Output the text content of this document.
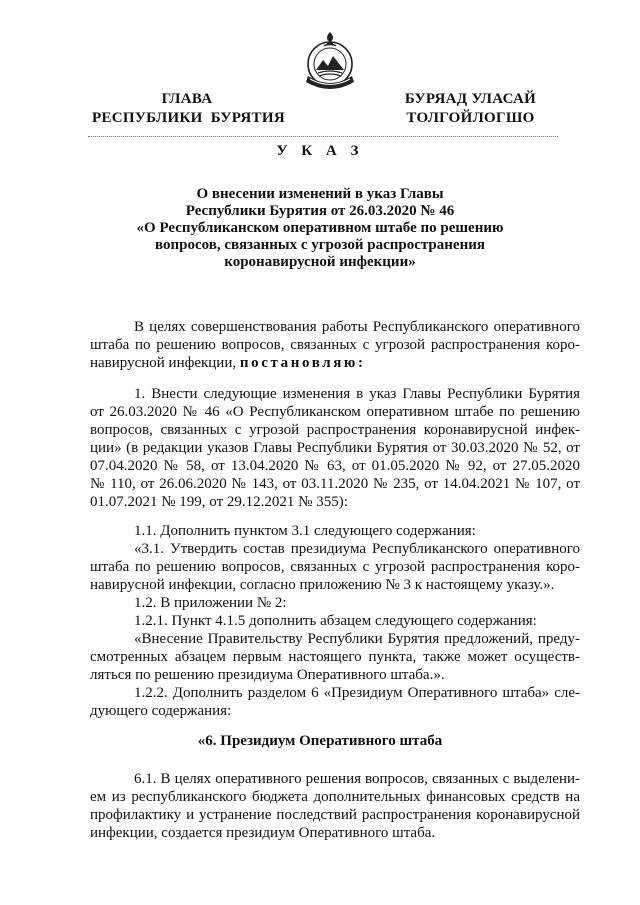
ГЛАВА
РЕСПУБЛИКИ  БУРЯТИЯ
БУРЯАД УЛАСАЙ
ТОЛГОЙЛОГШО
У К А З
О внесении изменений в указ Главы
Республики Бурятия от 26.03.2020 № 46
«О Республиканском оперативном штабе по решению
вопросов, связанных с угрозой распространения
коронавирусной инфекции»
В целях совершенствования работы Республиканского оперативного
штаба по решению вопросов, связанных с угрозой распространения коро-
навирусной инфекции, постановляю:
1. Внести следующие изменения в указ Главы Республики Бурятия
от 26.03.2020 № 46 «О Республиканском оперативном штабе по решению
вопросов, связанных с угрозой распространения коронавирусной инфек-
ции» (в редакции указов Главы Республики Бурятия от 30.03.2020 № 52, от
07.04.2020 № 58, от 13.04.2020 № 63, от 01.05.2020 № 92, от 27.05.2020
№ 110, от 26.06.2020 № 143, от 03.11.2020 № 235, от 14.04.2021 № 107, от
01.07.2021 № 199, от 29.12.2021 № 355):
1.1. Дополнить пунктом 3.1 следующего содержания:
«3.1. Утвердить состав президиума Республиканского оперативного
штаба по решению вопросов, связанных с угрозой распространения коро-
навирусной инфекции, согласно приложению № 3 к настоящему указу.».
1.2. В приложении № 2:
1.2.1. Пункт 4.1.5 дополнить абзацем следующего содержания:
«Внесение Правительству Республики Бурятия предложений, преду-
смотренных абзацем первым настоящего пункта, также может осуществ-
ляться по решению президиума Оперативного штаба.».
1.2.2. Дополнить разделом 6 «Президиум Оперативного штаба» сле-
дующего содержания:
«6. Президиум Оперативного штаба
6.1. В целях оперативного решения вопросов, связанных с выделени-
ем из республиканского бюджета дополнительных финансовых средств на
профилактику и устранение последствий распространения коронавирусной
инфекции, создается президиум Оперативного штаба.
